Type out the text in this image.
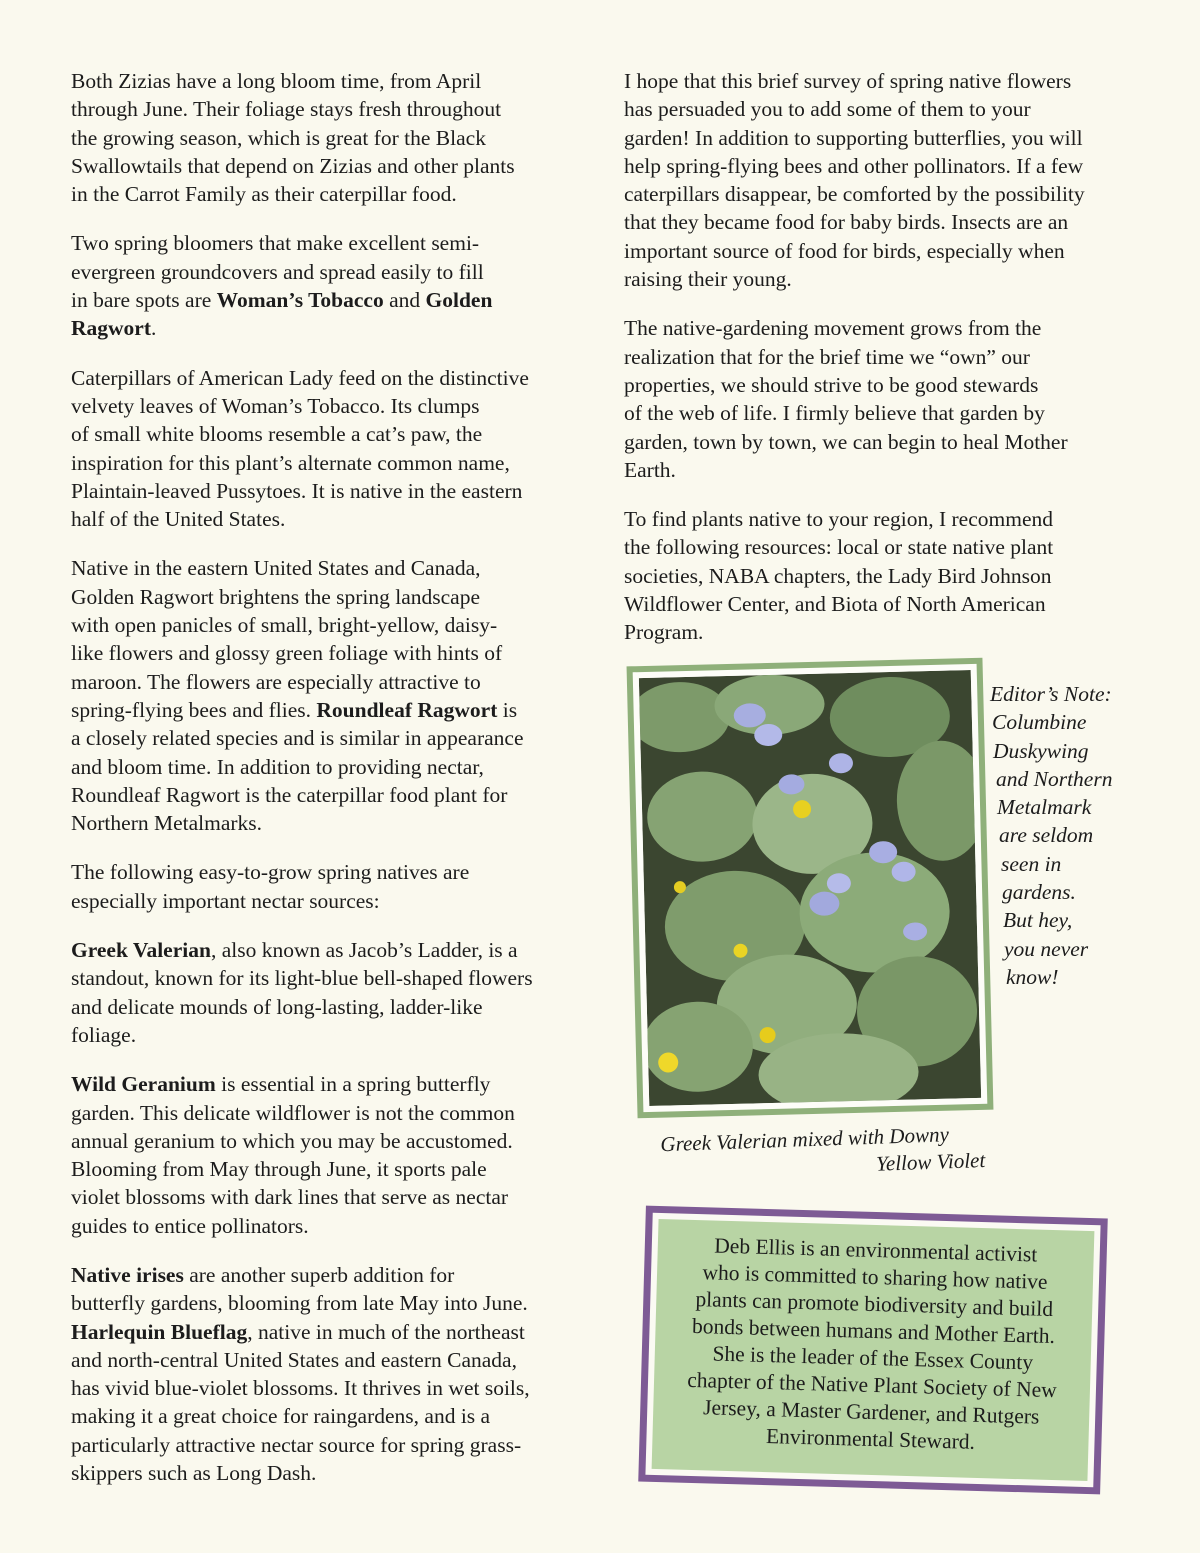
Both Zizias have a long bloom time, from April
through June. Their foliage stays fresh throughout
the growing season, which is great for the Black
Swallowtails that depend on Zizias and other plants
in the Carrot Family as their caterpillar food.

Two spring bloomers that make excellent semi-
evergreen groundcovers and spread easily to fill
in bare spots are Woman’s Tobacco and Golden
Ragwort.

Caterpillars of American Lady feed on the distinctive
velvety leaves of Woman’s Tobacco. Its clumps
of small white blooms resemble a cat’s paw, the
inspiration for this plant’s alternate common name,
Plaintain-leaved Pussytoes. It is native in the eastern
half of the United States.

Native in the eastern United States and Canada,
Golden Ragwort brightens the spring landscape
with open panicles of small, bright-yellow, daisy-
like flowers and glossy green foliage with hints of
maroon. The flowers are especially attractive to
spring-flying bees and flies. Roundleaf Ragwort is
a closely related species and is similar in appearance
and bloom time. In addition to providing nectar,
Roundleaf Ragwort is the caterpillar food plant for
Northern Metalmarks.

The following easy-to-grow spring natives are
especially important nectar sources:

Greek Valerian, also known as Jacob’s Ladder, is a
standout, known for its light-blue bell-shaped flowers
and delicate mounds of long-lasting, ladder-like
foliage.

Wild Geranium is essential in a spring butterfly
garden. This delicate wildflower is not the common
annual geranium to which you may be accustomed.
Blooming from May through June, it sports pale
violet blossoms with dark lines that serve as nectar
guides to entice pollinators.

Native irises are another superb addition for
butterfly gardens, blooming from late May into June.
Harlequin Blueflag, native in much of the northeast
and north-central United States and eastern Canada,
has vivid blue-violet blossoms. It thrives in wet soils,
making it a great choice for raingardens, and is a
particularly attractive nectar source for spring grass-
skippers such as Long Dash.

I hope that this brief survey of spring native flowers
has persuaded you to add some of them to your
garden! In addition to supporting butterflies, you will
help spring-flying bees and other pollinators. If a few
caterpillars disappear, be comforted by the possibility
that they became food for baby birds. Insects are an
important source of food for birds, especially when
raising their young.

The native-gardening movement grows from the
realization that for the brief time we “own” our
properties, we should strive to be good stewards
of the web of life. I firmly believe that garden by
garden, town by town, we can begin to heal Mother
Earth.

To find plants native to your region, I recommend
the following resources: local or state native plant
societies, NABA chapters, the Lady Bird Johnson
Wildflower Center, and Biota of North American
Program.

Greek Valerian mixed with Downy
Yellow Violet
Editor’s Note:
Columbine
Duskywing
and Northern
Metalmark
are seldom
seen in
gardens.
But hey,
you never
know!
Deb Ellis is an environmental activist
who is committed to sharing how native
plants can promote biodiversity and build
bonds between humans and Mother Earth.
She is the leader of the Essex County
chapter of the Native Plant Society of New
Jersey, a Master Gardener, and Rutgers
Environmental Steward.
